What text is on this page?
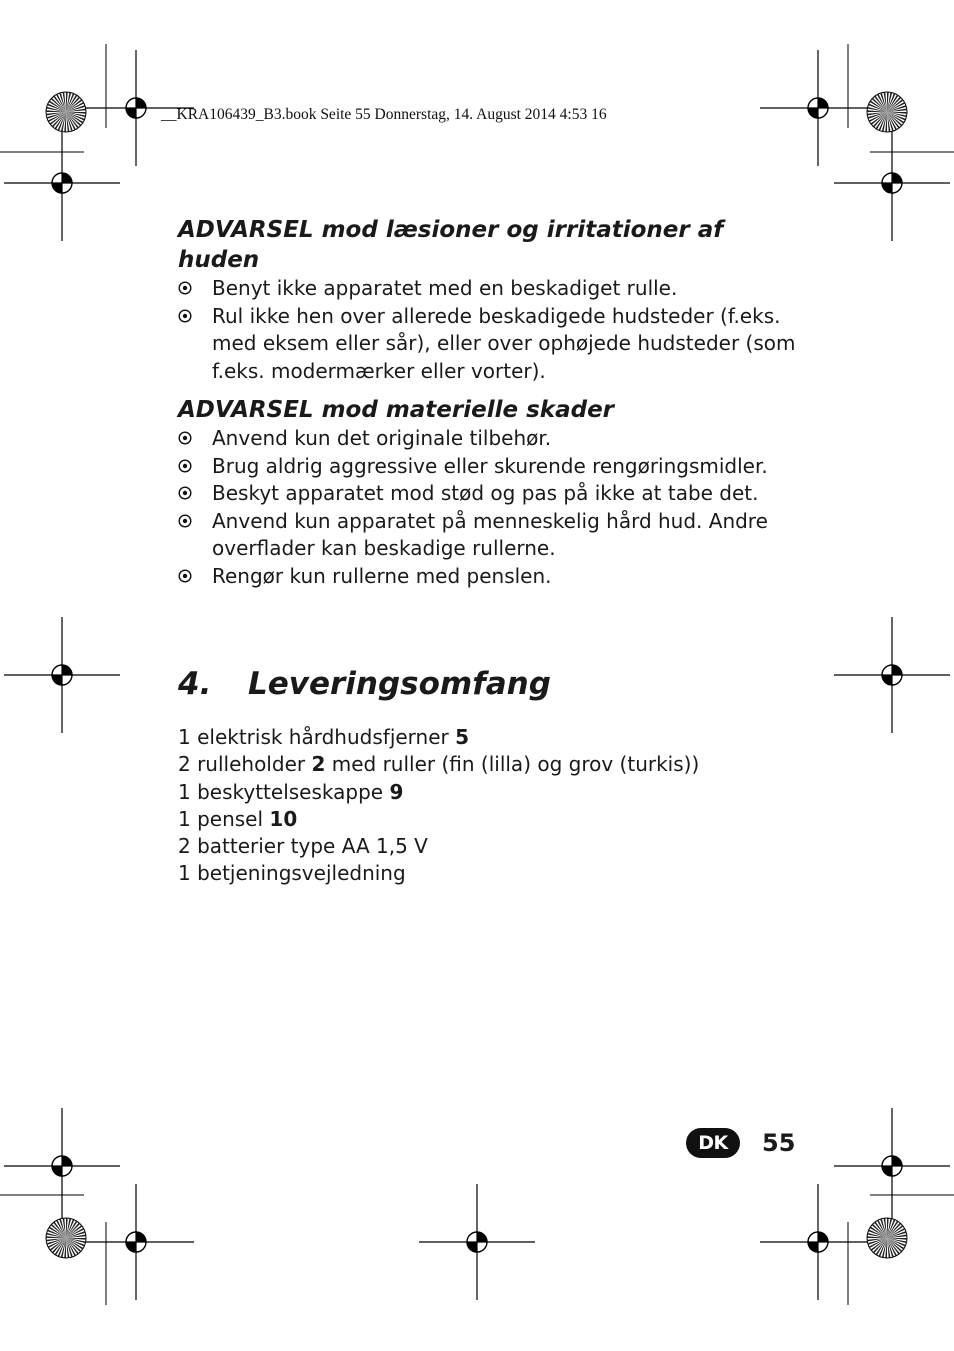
__KRA106439_B3.book Seite 55 Donnerstag, 14. August 2014 4:53 16
ADVARSEL mod læsioner og irritationer af huden
Benyt ikke apparatet med en beskadiget rulle.
Rul ikke hen over allerede beskadigede hudsteder (f.eks. med eksem eller sår), eller over ophøjede hudsteder (som f.eks. modermærker eller vorter).
ADVARSEL mod materielle skader
Anvend kun det originale tilbehør.
Brug aldrig aggressive eller skurende rengøringsmidler.
Beskyt apparatet mod stød og pas på ikke at tabe det.
Anvend kun apparatet på menneskelig hård hud. Andre overflader kan beskadige rullerne.
Rengør kun rullerne med penslen.
4. Leveringsomfang
1 elektrisk hårdhudsfjerner 5
2 rulleholder 2 med ruller (fin (lilla) og grov (turkis))
1 beskyttelseskappe 9
1 pensel 10
2 batterier type AA 1,5 V
1 betjeningsvejledning
DK	55
